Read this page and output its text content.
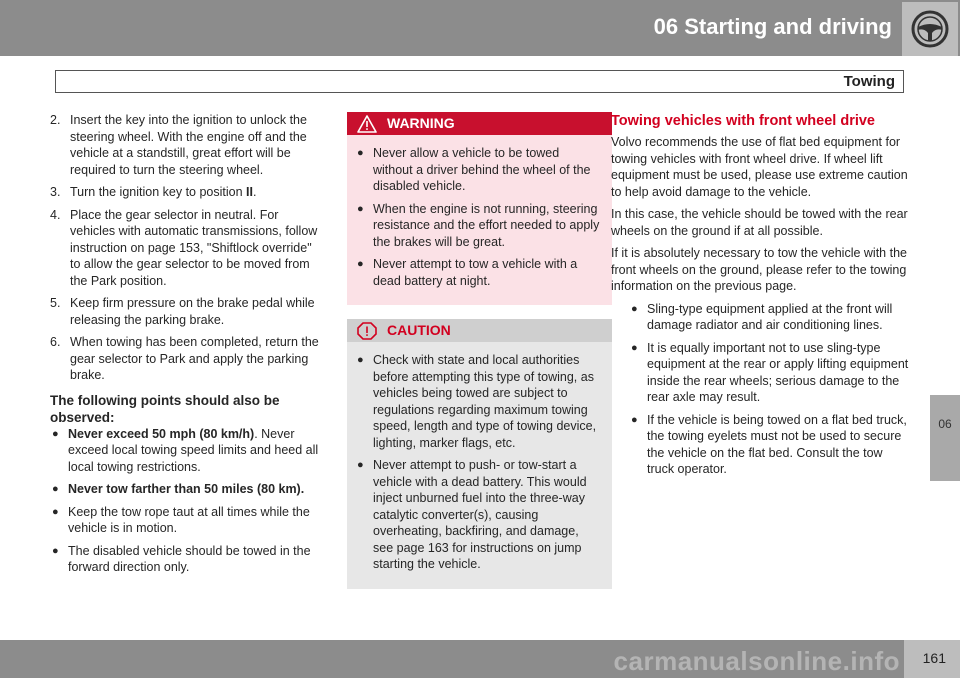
06 Starting and driving
Towing
06
2. Insert the key into the ignition to unlock the steering wheel. With the engine off and the vehicle at a standstill, great effort will be required to turn the steering wheel.
3. Turn the ignition key to position II.
4. Place the gear selector in neutral. For vehicles with automatic transmissions, follow instruction on page 153, "Shiftlock override" to allow the gear selector to be moved from the Park position.
5. Keep firm pressure on the brake pedal while releasing the parking brake.
6. When towing has been completed, return the gear selector to Park and apply the parking brake.
The following points should also be observed:
● Never exceed 50 mph (80 km/h). Never exceed local towing speed limits and heed all local towing restrictions.
● Never tow farther than 50 miles (80 km).
● Keep the tow rope taut at all times while the vehicle is in motion.
● The disabled vehicle should be towed in the forward direction only.
WARNING
● Never allow a vehicle to be towed without a driver behind the wheel of the disabled vehicle.
● When the engine is not running, steering resistance and the effort needed to apply the brakes will be great.
● Never attempt to tow a vehicle with a dead battery at night.
CAUTION
● Check with state and local authorities before attempting this type of towing, as vehicles being towed are subject to regulations regarding maximum towing speed, length and type of towing device, lighting, marker flags, etc.
● Never attempt to push- or tow-start a vehicle with a dead battery. This would inject unburned fuel into the three-way catalytic converter(s), causing overheating, backfiring, and damage, see page 163 for instructions on jump starting the vehicle.
Towing vehicles with front wheel drive

Volvo recommends the use of flat bed equipment for towing vehicles with front wheel drive. If wheel lift equipment must be used, please use extreme caution to help avoid damage to the vehicle.

In this case, the vehicle should be towed with the rear wheels on the ground if at all possible.

If it is absolutely necessary to tow the vehicle with the front wheels on the ground, please refer to the towing information on the previous page.

● Sling-type equipment applied at the front will damage radiator and air conditioning lines.
● It is equally important not to use sling-type equipment at the rear or apply lifting equipment inside the rear wheels; serious damage to the rear axle may result.
● If the vehicle is being towed on a flat bed truck, the towing eyelets must not be used to secure the vehicle on the flat bed. Consult the tow truck operator.
carmanualsonline.info 161
